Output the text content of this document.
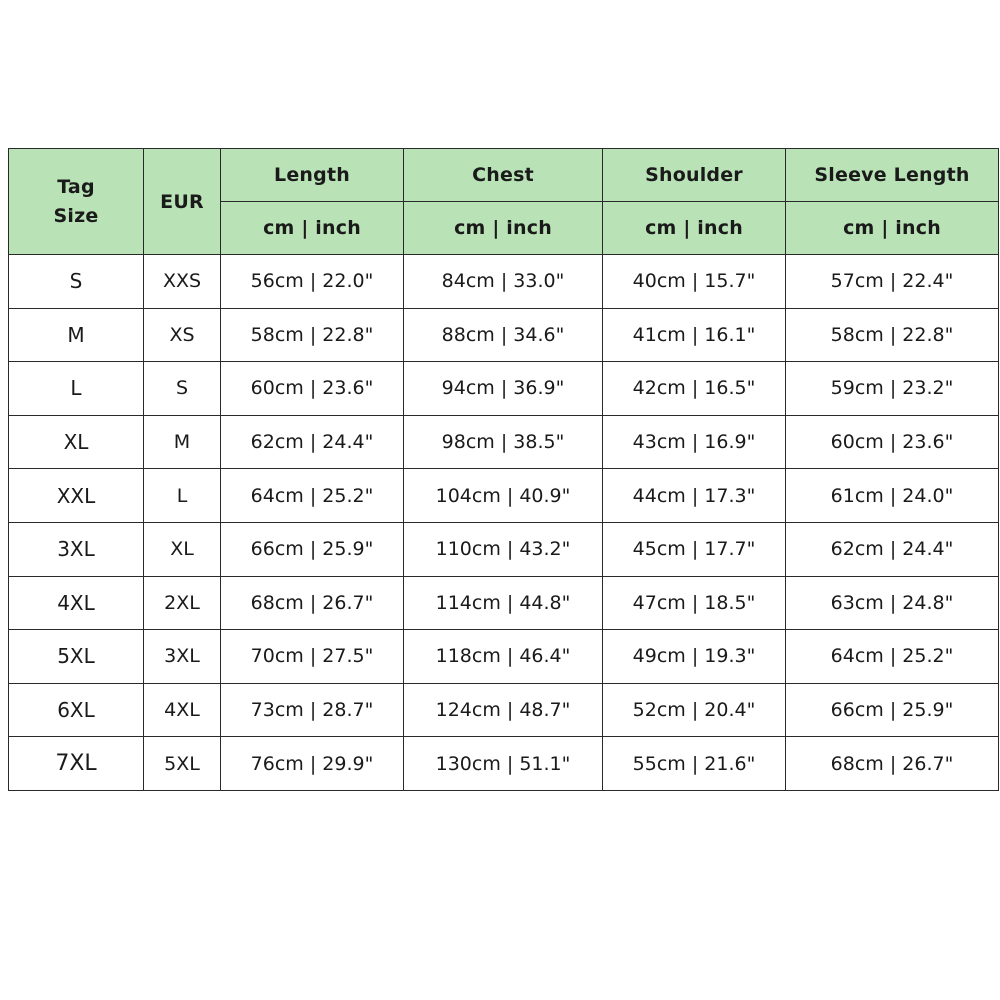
Tag
Size	EUR	Length	Chest	Shoulder	Sleeve Length
		cm | inch	cm | inch	cm | inch	cm | inch
S	XXS	56cm | 22.0"	84cm | 33.0"	40cm | 15.7"	57cm | 22.4"
M	XS	58cm | 22.8"	88cm | 34.6"	41cm | 16.1"	58cm | 22.8"
L	S	60cm | 23.6"	94cm | 36.9"	42cm | 16.5"	59cm | 23.2"
XL	M	62cm | 24.4"	98cm | 38.5"	43cm | 16.9"	60cm | 23.6"
XXL	L	64cm | 25.2"	104cm | 40.9"	44cm | 17.3"	61cm | 24.0"
3XL	XL	66cm | 25.9"	110cm | 43.2"	45cm | 17.7"	62cm | 24.4"
4XL	2XL	68cm | 26.7"	114cm | 44.8"	47cm | 18.5"	63cm | 24.8"
5XL	3XL	70cm | 27.5"	118cm | 46.4"	49cm | 19.3"	64cm | 25.2"
6XL	4XL	73cm | 28.7"	124cm | 48.7"	52cm | 20.4"	66cm | 25.9"
7XL	5XL	76cm | 29.9"	130cm | 51.1"	55cm | 21.6"	68cm | 26.7"
